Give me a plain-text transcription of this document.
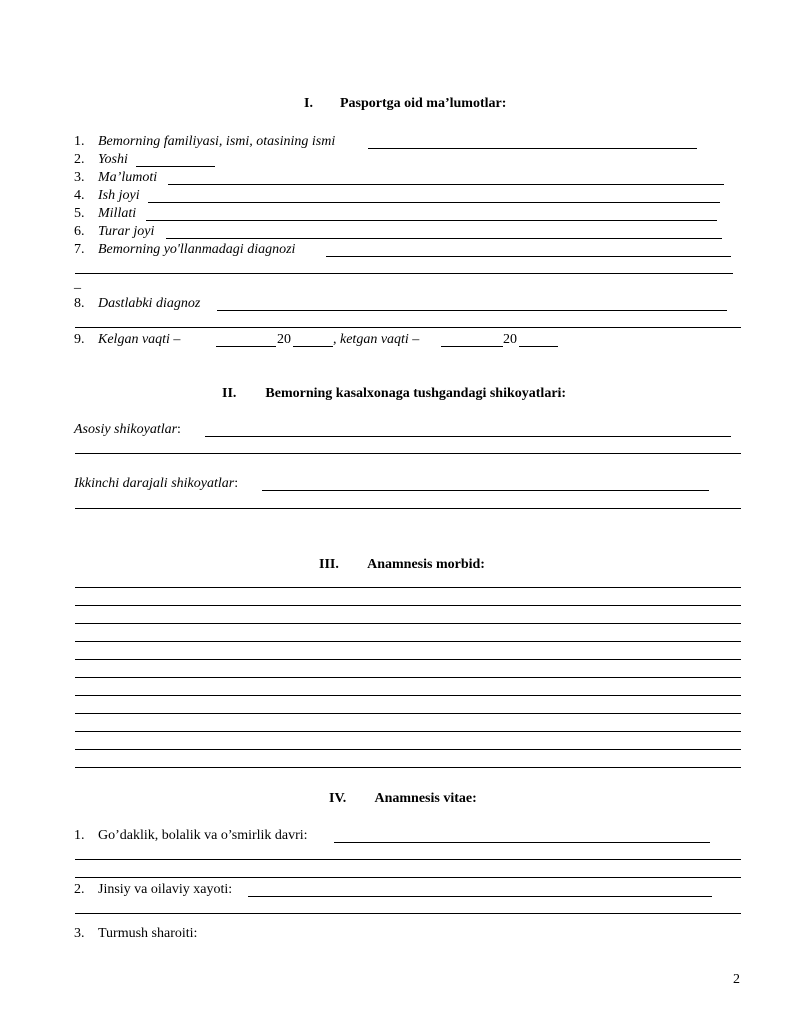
I. Pasportga oid ma’lumotlar:
1. Bemorning familiyasi, ismi, otasining ismi
2. Yoshi
3. Ma’lumoti
4. Ish joyi
5. Millati
6. Turar joyi
7. Bemorning yo'llanmadagi diagnozi
_
8. Dastlabki diagnoz
9. Kelgan vaqti –	20	, ketgan vaqti –	20
II. Bemorning kasalxonaga tushgandagi shikoyatlari:
Asosiy shikoyatlar:
Ikkinchi darajali shikoyatlar:
III. Anamnesis morbid:
IV. Anamnesis vitae:
1. Go’daklik, bolalik va o’smirlik davri:
2. Jinsiy va oilaviy xayoti:
3. Turmush sharoiti:
2
